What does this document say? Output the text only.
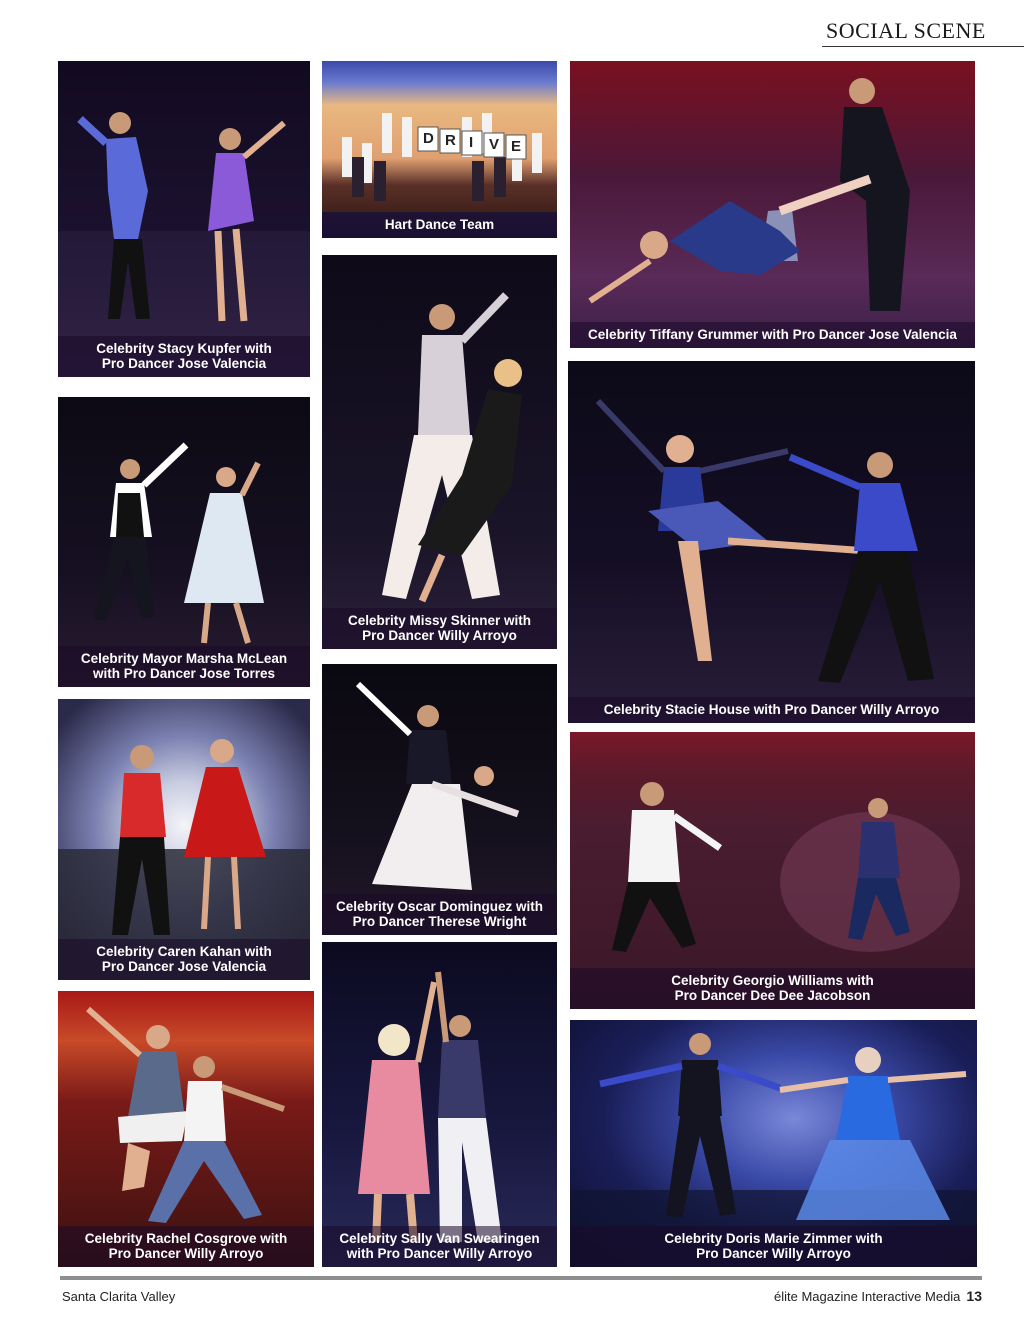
SOCIAL SCENE
Celebrity Stacy Kupfer with
Pro Dancer Jose Valencia
D R I V E
Hart Dance Team
Celebrity Tiffany Grummer with Pro Dancer Jose Valencia
Celebrity Mayor Marsha McLean
with Pro Dancer Jose Torres
Celebrity Missy Skinner with
Pro Dancer Willy Arroyo
Celebrity Stacie House with Pro Dancer Willy Arroyo
Celebrity Caren Kahan with
Pro Dancer Jose Valencia
Celebrity Oscar Dominguez with
Pro Dancer Therese Wright
Celebrity Georgio Williams with
Pro Dancer Dee Dee Jacobson
Celebrity Rachel Cosgrove with
Pro Dancer Willy Arroyo
Celebrity Sally Van Swearingen
with Pro Dancer Willy Arroyo
Celebrity Doris Marie Zimmer with
Pro Dancer Willy Arroyo
Santa Clarita Valley	élite Magazine Interactive Media 13
